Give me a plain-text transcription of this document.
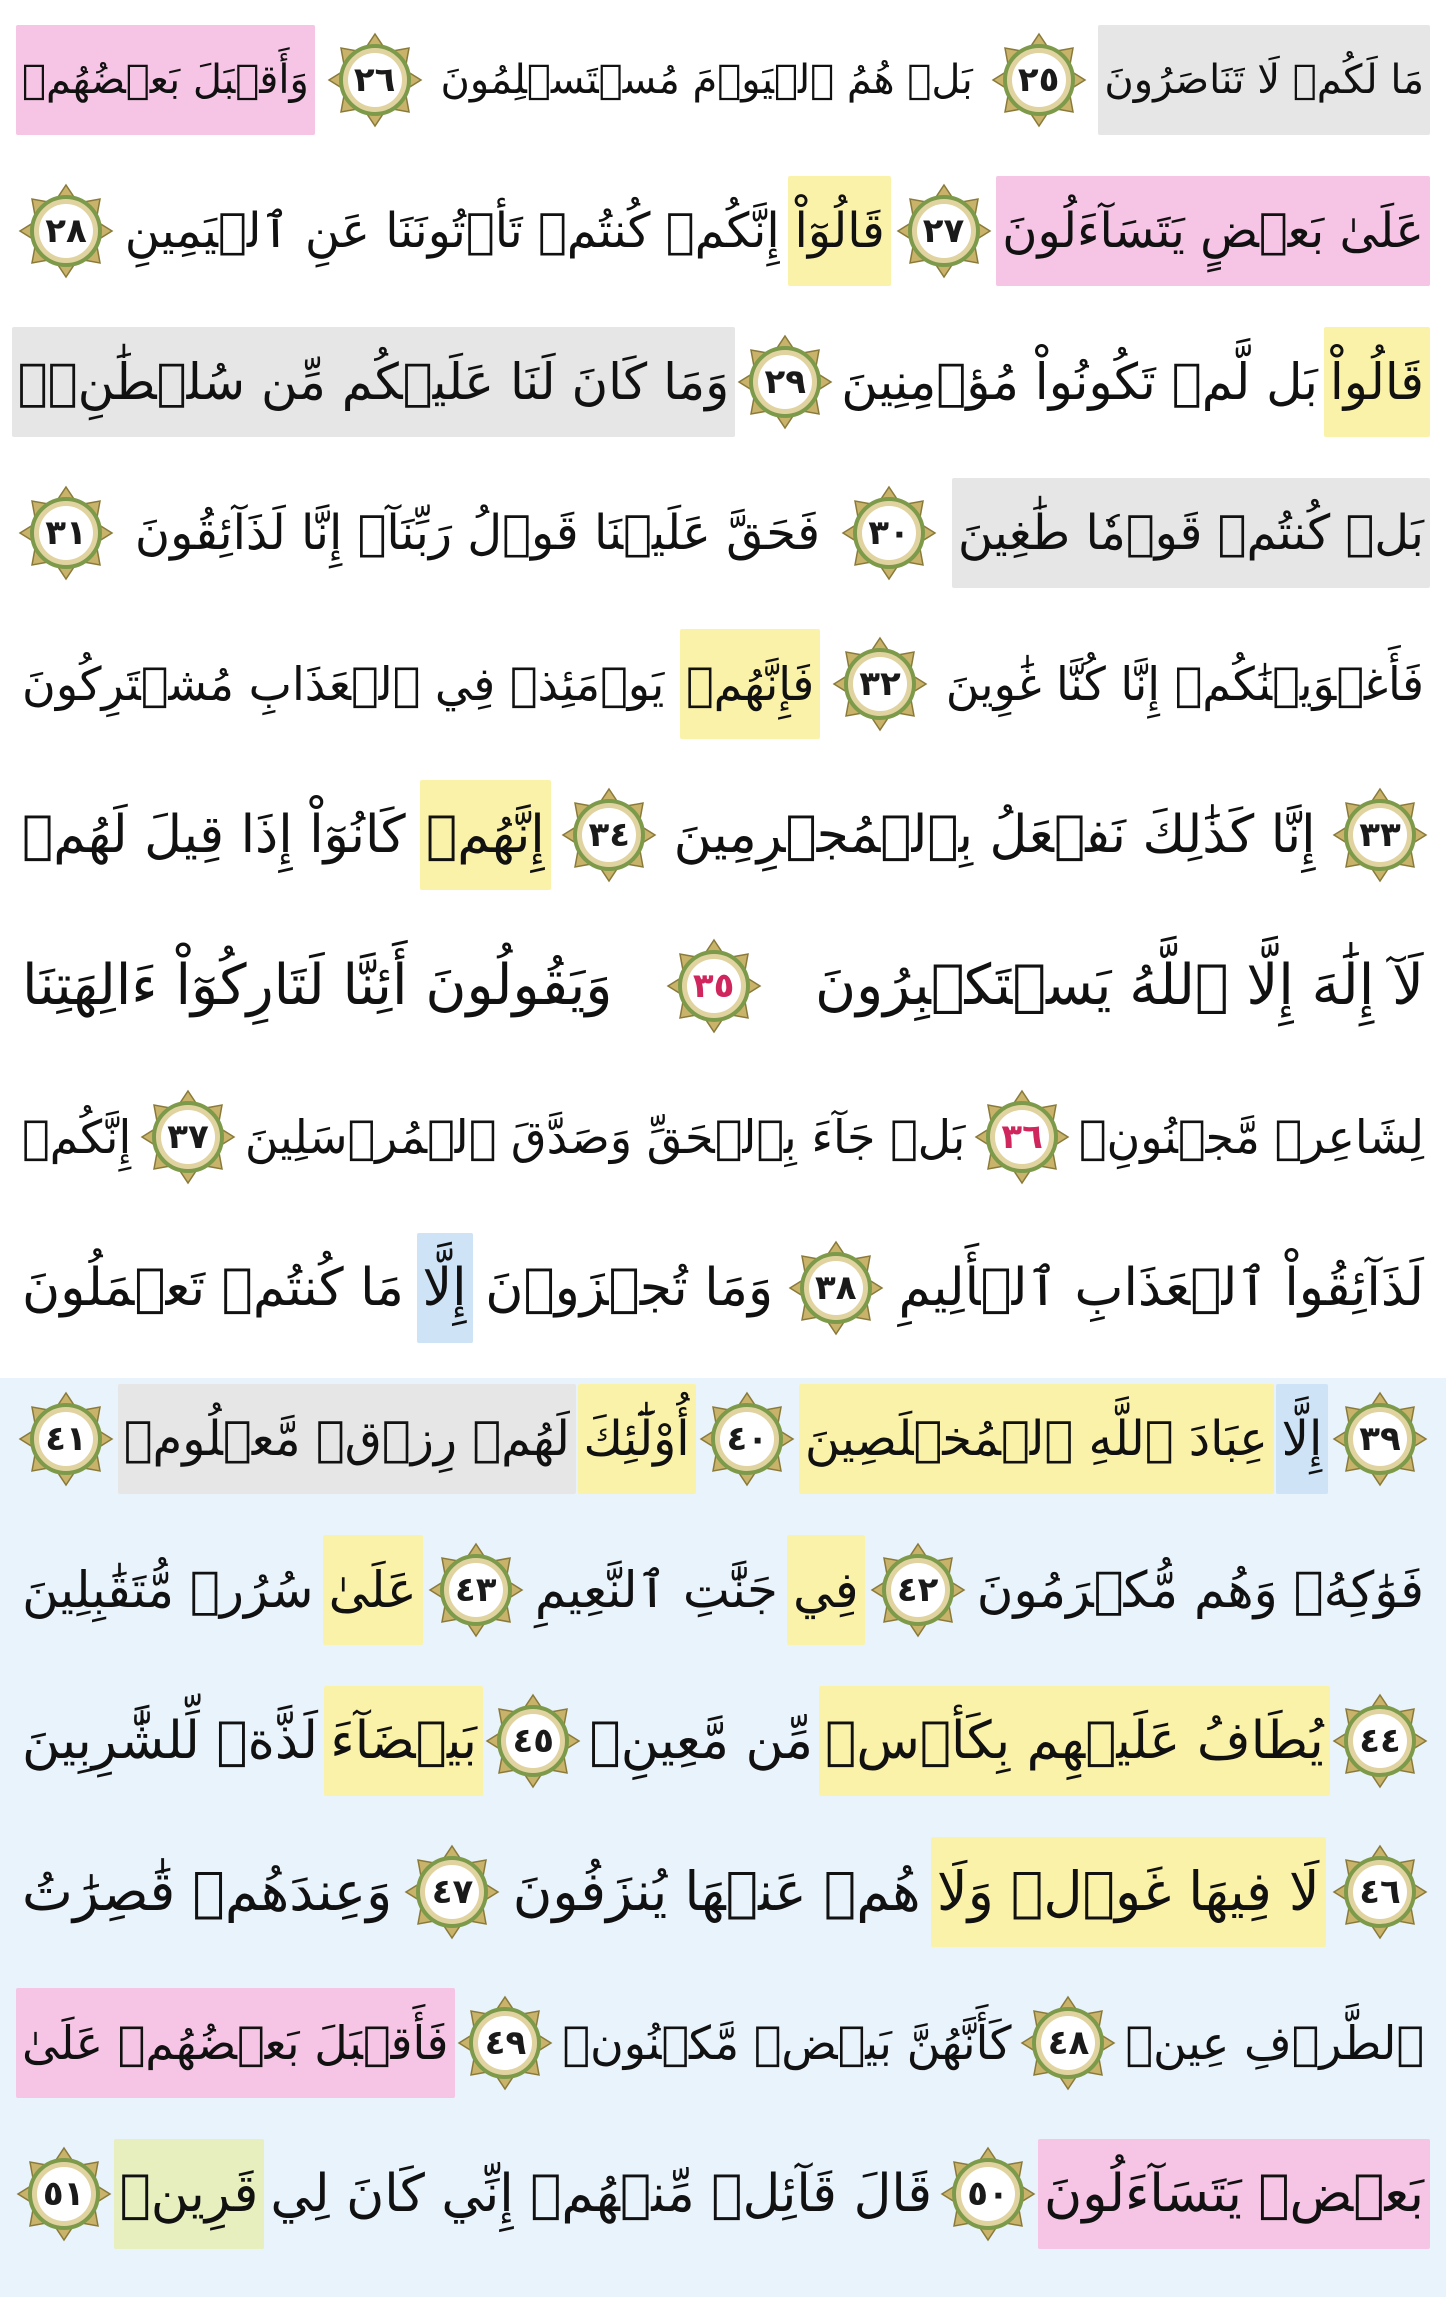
مَا لَكُمۡ لَا تَنَاصَرُونَ
٢٥
بَلۡ هُمُ ٱلۡيَوۡمَ مُسۡتَسۡلِمُونَ
٢٦
وَأَقۡبَلَ بَعۡضُهُمۡ
عَلَىٰ بَعۡضٍ يَتَسَآءَلُونَ
٢٧
قَالُوٓاْ
إِنَّكُمۡ كُنتُمۡ تَأۡتُونَنَا عَنِ ٱلۡيَمِينِ
٢٨
قَالُواْ
بَل لَّمۡ تَكُونُواْ مُؤۡمِنِينَ
٢٩
وَمَا كَانَ لَنَا عَلَيۡكُم مِّن سُلۡطَٰنِۭۖ
بَلۡ كُنتُمۡ قَوۡمٗا طَٰغِينَ
٣٠
فَحَقَّ عَلَيۡنَا قَوۡلُ رَبِّنَآۖ إِنَّا لَذَآئِقُونَ
٣١
فَأَغۡوَيۡنَٰكُمۡ إِنَّا كُنَّا غَٰوِينَ
٣٢
فَإِنَّهُمۡ
يَوۡمَئِذٖ فِي ٱلۡعَذَابِ مُشۡتَرِكُونَ
٣٣
إِنَّا كَذَٰلِكَ نَفۡعَلُ بِٱلۡمُجۡرِمِينَ
٣٤
إِنَّهُمۡ
كَانُوٓاْ إِذَا قِيلَ لَهُمۡ
لَآ إِلَٰهَ إِلَّا ٱللَّهُ يَسۡتَكۡبِرُونَ
٣٥
وَيَقُولُونَ أَئِنَّا لَتَارِكُوٓاْ ءَالِهَتِنَا
لِشَاعِرٖ مَّجۡنُونِۭ
٣٦
بَلۡ جَآءَ بِٱلۡحَقِّ وَصَدَّقَ ٱلۡمُرۡسَلِينَ
٣٧
إِنَّكُمۡ
لَذَآئِقُواْ ٱلۡعَذَابِ ٱلۡأَلِيمِ
٣٨
وَمَا تُجۡزَوۡنَ
إِلَّا
مَا كُنتُمۡ تَعۡمَلُونَ
٣٩
إِلَّا
عِبَادَ ٱللَّهِ ٱلۡمُخۡلَصِينَ
٤٠
أُوْلَٰٓئِكَ
لَهُمۡ رِزۡقٞ مَّعۡلُومٞ
٤١
فَوَٰكِهُۖ وَهُم مُّكۡرَمُونَ
٤٢
فِي
جَنَّٰتِ ٱلنَّعِيمِ
٤٣
عَلَىٰ
سُرُرٖ مُّتَقَٰبِلِينَ
٤٤
يُطَافُ عَلَيۡهِم بِكَأۡسٖ
مِّن مَّعِينِۭ
٤٥
بَيۡضَآءَ
لَذَّةٖ لِّلشَّٰرِبِينَ
٤٦
لَا فِيهَا غَوۡلٞ وَلَا
هُمۡ عَنۡهَا يُنزَفُونَ
٤٧
وَعِندَهُمۡ قَٰصِرَٰتُ
ٱلطَّرۡفِ عِينٞ
٤٨
كَأَنَّهُنَّ بَيۡضٞ مَّكۡنُونٞ
٤٩
فَأَقۡبَلَ بَعۡضُهُمۡ عَلَىٰ
بَعۡضٖ يَتَسَآءَلُونَ
٥٠
قَالَ قَآئِلٞ مِّنۡهُمۡ إِنِّي كَانَ لِي
قَرِينٞ
٥١
